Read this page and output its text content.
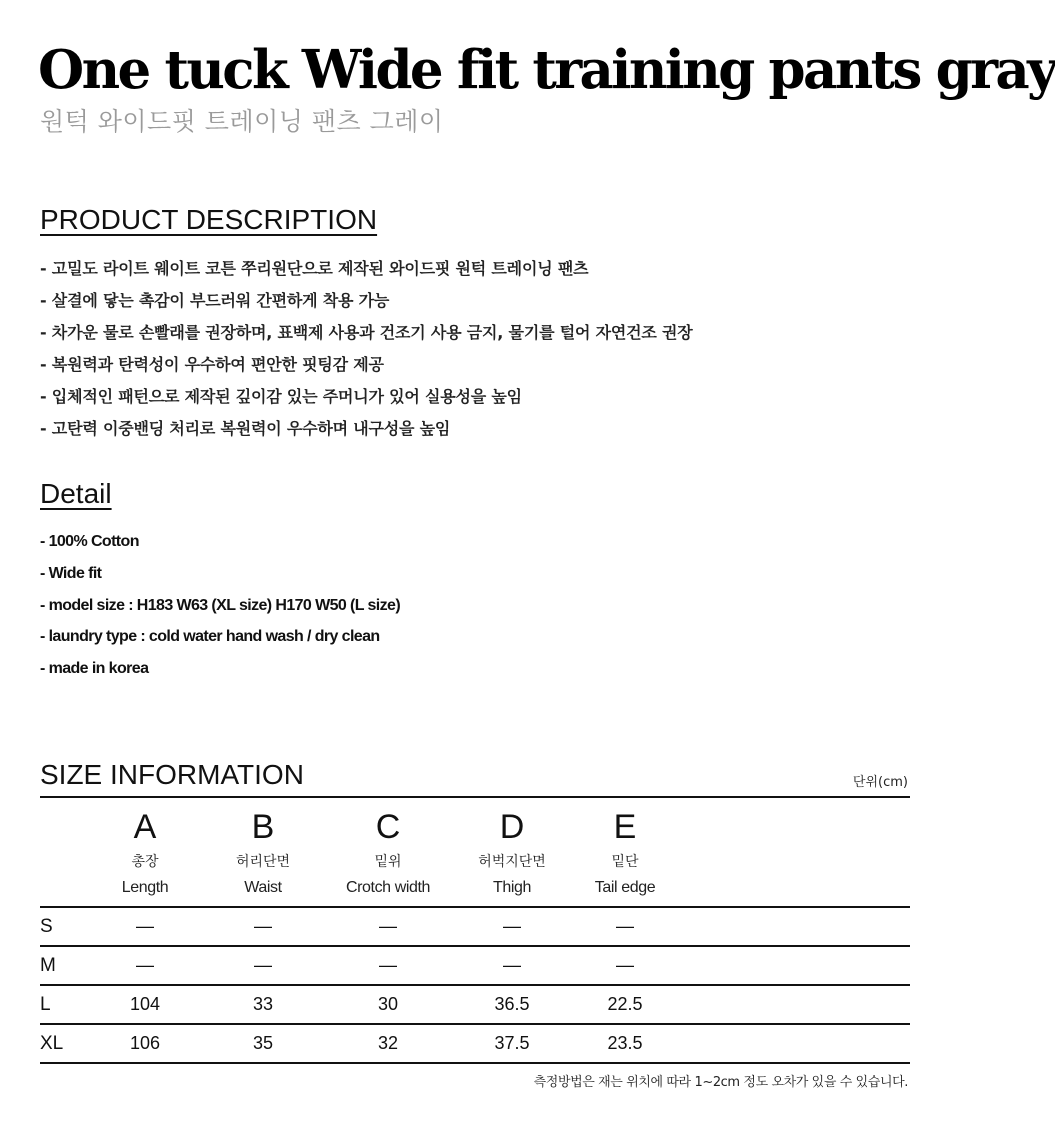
One tuck Wide fit training pants gray
원턱 와이드핏 트레이닝 팬츠 그레이
PRODUCT DESCRIPTION
- 고밀도 라이트 웨이트 코튼 쭈리원단으로 제작된 와이드핏 원턱 트레이닝 팬츠
- 살결에 닿는 촉감이 부드러워 간편하게 착용 가능
- 차가운 물로 손빨래를 권장하며, 표백제 사용과 건조기 사용 금지, 물기를 털어 자연건조 권장
- 복원력과 탄력성이 우수하여 편안한 핏팅감 제공
- 입체적인 패턴으로 제작된 깊이감 있는 주머니가 있어 실용성을 높임
- 고탄력 이중밴딩 처리로 복원력이 우수하며 내구성을 높임
Detail
- 100% Cotton
- Wide fit
- model size : H183 W63 (XL size) H170 W50 (L size)
- laundry type : cold water hand wash / dry clean
- made in korea
SIZE INFORMATION	단위(cm)
A
총장
Length
B
허리단면
Waist
C
밑위
Crotch width
D
허벅지단면
Thigh
E
밑단
Tail edge
S	—	—	—	—	—
M	—	—	—	—	—
L	104	33	30	36.5	22.5
XL	106	35	32	37.5	23.5
측정방법은 재는 위치에 따라 1~2cm 정도 오차가 있을 수 있습니다.
